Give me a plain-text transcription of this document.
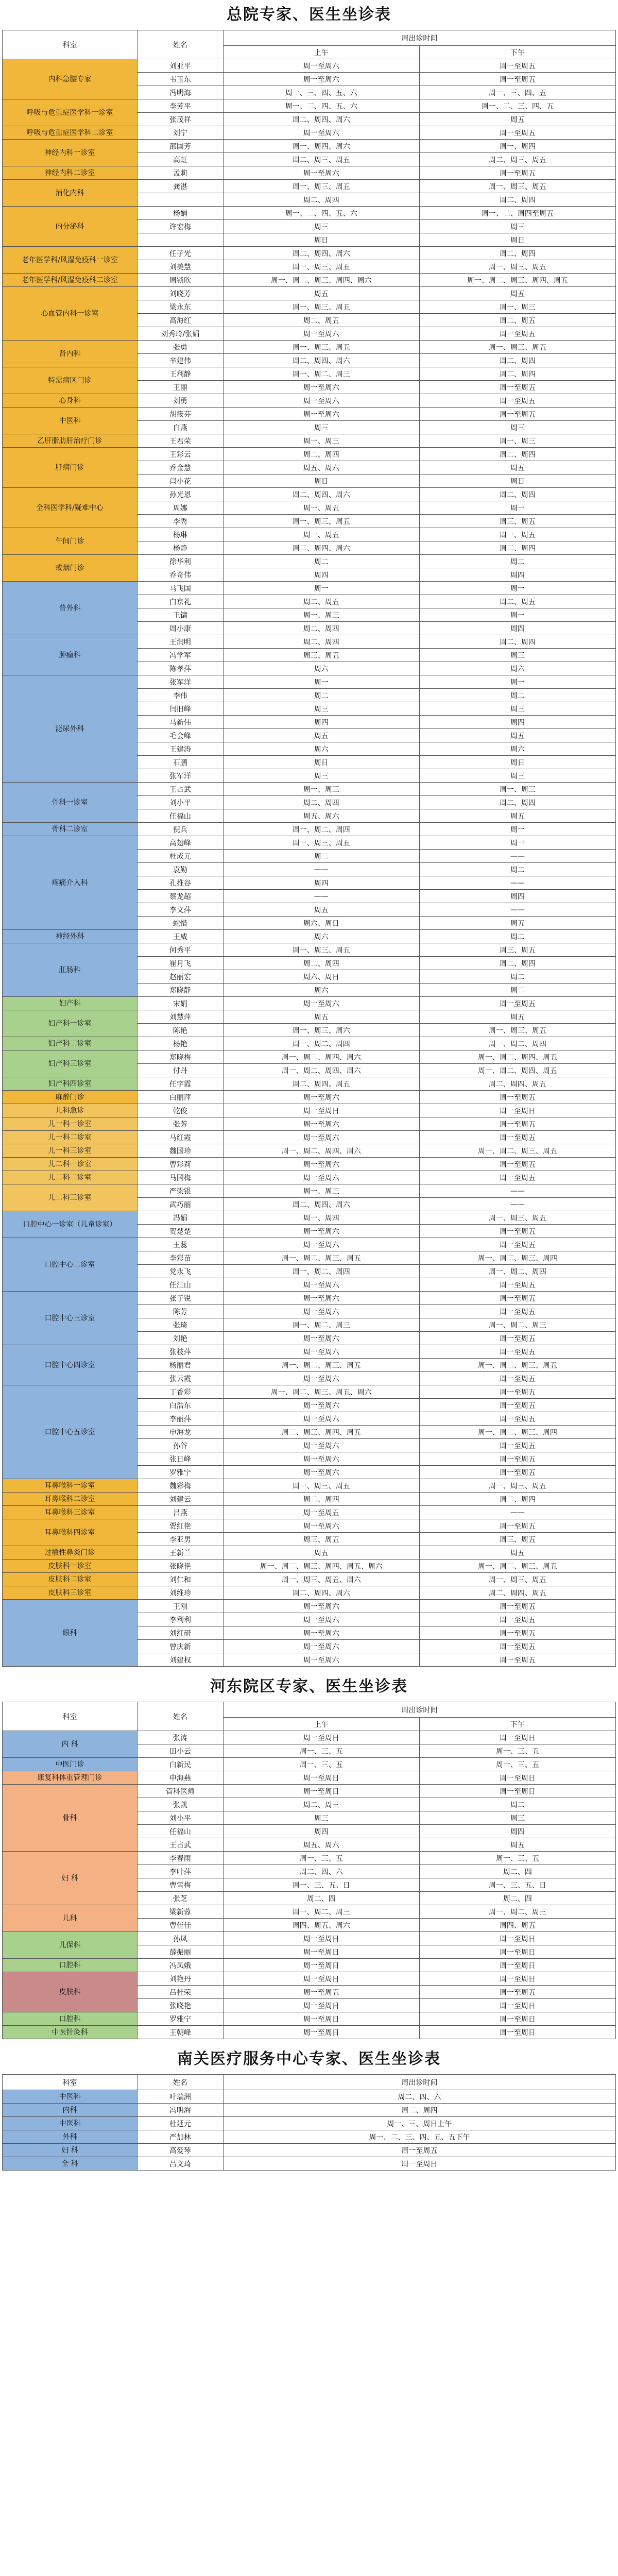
总院专家、医生坐诊表
科室	姓名	周出诊时间	
		上午	下午
内科急腰专家	刘亚平	周一至周六	周一至周五
	韦玉东	周一至周六	周一至周五
	冯明海	周一、三、四、五、六	周一、三、四、五
呼吸与危重症医学科一诊室	李芳平	周一、二、四、五、六	周一、二、三、四、五
	张茂祥	周二、周四、周六	周五
呼吸与危重症医学科二诊室	刘宁	周一至周六	周一至周五
神经内科一诊室	邵国芳	周一、周四、周六	周一、周四
	高虹	周二、周三、周五	周二、周三、周五
神经内科二诊室	孟莉	周一至周六	周一至周五
消化内科	龚湛	周一、周三、周五	周一、周三、周五
		周二、周四	周二、周四
内分泌科	杨娟	周一、二、四、五、六	周一、二、周四至周五
	许宏梅	周三	周三
		周日	周日
老年医学科/风湿免疫科一诊室	任子光	周二、周四、周六	周二、周四
	刘美慧	周一、周三、周五	周一、周三、周五
老年医学科/风湿免疫科二诊室	周锁欣	周一、周二、周三、周四、周六	周一、周二、周三、周四、周五
心血管内科一诊室	刘晓芳	周五	周五
	梁永东	周一、周三、周五	周一、周三
	高海红	周二、周五	周二、周五
	刘秀玲/张娟	周一至周六	周一至周五
肾内科	张勇	周一、周三、周五	周一、周三、周五
	辛建伟	周二、周四、周六	周二、周四
特需病区门诊	王利静	周一、周二、周三	周二、周四
	王丽	周一至周六	周一至周五
心身科	刘勇	周一至周六	周一至周五
中医科	胡筱芬	周一至周六	周一至周五
	白燕	周三	周三
乙肝脂肪肝治疗门诊	王君荣	周一、周三	周一、周三
肝病门诊	王彩云	周二、周四	周二、周四
	乔金慧	周五、周六	周五
	闫小花	周日	周日
全科医学科/疑难中心	孙光恩	周二、周四、周六	周二、周四
	周娜	周一、周五	周一
	李秀	周一、周三、周五	周三、周五
午间门诊	杨琳	周一、周五	周一、周五
	杨静	周二、周四、周六	周二、周四
戒烟门诊	徐华利	周二	周二
	乔奇伟	周四	周四
普外科	马飞国	周一	周一
	白京礼	周二、周五	周二、周五
	王镛	周一、周三	周一
	周小康	周二、周四	周四
肿瘤科	王润明	周二、周四	周二、周四
	冯学军	周三、周五	周三
	陈孝萍	周六	周六
泌尿外科	张军洋	周一	周一
	李伟	周二	周二
	闫旧峰	周三	周三
	马新伟	周四	周四
	毛会峰	周五	周五
	王建涛	周六	周六
	石鹏	周日	周日
	张军洋	周三	周三
骨科一诊室	王占武	周一、周三	周一、周三
	刘小平	周二、周四	周二、周四
	任福山	周五、周六	周五
骨科二诊室	倪兵	周一、周二、周四	周一
疼痛介入科	高翅峰	周一、周三、周五	周一
	杜成元	周二	——
	袁勤	——	周二
	孔推谷	周四	——
	蔡龙超	——	周四
	李文萍	周五	——
	蛇惜	周六、周日	周五
神经外科	王威	周六	周二
肛肠科	何秀平	周一、周三、周五	周三、周五
	崔月飞	周二、周四	周二、周四
	赵丽宏	周六、周日	周二
	郑晓静	周六	周二
妇产科	宋娟	周一至周六	周一至周五
妇产科一诊室	刘慧萍	周五	周五
	陈艳	周一、周三、周六	周一、周三、周五
妇产科二诊室	杨艳	周一、周二、周四	周一、周二、周四
妇产科三诊室	郑晓梅	周一、周二、周四、周六	周一、周二、周四、周五
	付丹	周一、周二、周四、周六	周一、周二、周四、周五
妇产科四诊室	任宇霞	周二、周四、周五	周二、周四、周五
麻醉门诊	白丽萍	周一至周六	周一至周五
儿科急诊	乾俊	周一至周日	周一至周日
儿一科一诊室	张芳	周一至周六	周一至周五
儿一科二诊室	马红霞	周一至周六	周一至周五
儿一科三诊室	魏国珍	周一、周二、周四、周六	周一、周二、周三、周五
儿二科一诊室	曹彩莉	周一至周六	周一至周五
儿二科二诊室	马国梅	周一至周六	周一至周五
儿二科三诊室	严梁银	周一、周三	——
	武巧丽	周二、周四、周六	——
口腔中心一诊室（儿童诊室）	冯娟	周一、周四	周一、周三、周五
	贺楚楚	周一至周六	周一至周五
口腔中心二诊室	王蕊	周一至周六	周一至周五
	李彩苗	周一、周二、周三、周五	周一、周二、周三、周四
	党永飞	周一、周二、周四	周一、周二、周四
	任江山	周一至周六	周一至周五
口腔中心三诊室	张子锐	周一至周六	周一至周五
	陈芳	周一至周六	周一至周五
	张琦	周一、周二、周三	周一、周二、周三
	刘艳	周一至周六	周一至周五
口腔中心四诊室	张枝萍	周一至周六	周一至周五
	杨丽君	周一、周二、周三、周五	周一、周二、周三、周五
	张云霞	周一至周六	周一至周五
口腔中心五诊室	丁香彩	周一、周二、周三、周五、周六	周一至周五
	白浩东	周一至周六	周一至周五
	李丽萍	周一至周六	周一至周五
	申海龙	周二、周三、周四、周五	周一、周二、周三、周四
	孙谷	周一至周六	周一至周五
	张日峰	周一至周六	周一至周五
	罗雅宁	周一至周六	周一至周五
耳鼻喉科一诊室	魏彩梅	周一、周三、周五	周一、周三、周五
耳鼻喉科二诊室	刘建云	周二、周四	周二、周四
耳鼻喉科三诊室	吕燕	周一至周五	——
耳鼻喉科四诊室	贾红艳	周一至周六	周一至周五
	李亚男	周三、周五	周三、周五
过敏性鼻炎门诊	王新兰	周五	周五
皮肤科一诊室	张晓艳	周一、周二、周三、周四、周五、周六	周一、周二、周三、周五
皮肤科二诊室	刘仁和	周一、周三、周五、周六	周一、周三、周五
皮肤科三诊室	刘维珍	周二、周四、周六	周二、周四、周五
眼科	王刚	周一至周六	周一至周五
	李利利	周一至周六	周一至周五
	刘红研	周一至周六	周一至周五
	曾庆新	周一至周六	周一至周五
	刘建权	周一至周六	周一至周五
河东院区专家、医生坐诊表
科室	姓名	周出诊时间	
		上午	下午
内 科	张涛	周一至周日	周一至周日
	田小云	周一、三、五	周一、三、五
中医门诊	白新民	周一、三、五	周一、三、五
康复科体重管理门诊	申海燕	周一至周日	周一至周日
骨科	管科医师	周一至周日	周一至周日
	张凯	周二、周三	周二
	刘小平	周三	周三
	任福山	周四	周四
	王占武	周五、周六	周五
妇 科	李春雨	周一、三、五	周一、三、五
	李叶萍	周二、四、六	周二、四
	曹雪梅	周一、三、五、日	周一、三、五、日
	张芝	周二、四	周二、四
儿科	梁新蓉	周一、周二、周三	周一、周二、周三
	曹佳佳	周四、周五、周六	周四、周五
儿保科	孙凤	周一至周日	周一至周日
	薛振丽	周一至周日	周一至周日
口腔科	冯凤娥	周一至周日	周一至周日
皮肤科	刘艳丹	周一至周日	周一至周日
	吕桂荣	周一至周五	周一至周五
	张晓艳	周一至周日	周一至周日
口腔科	罗雅宁	周一至周日	周一至周日
中医针灸科	王朝峰	周一至周日	周一至周日
南关医疗服务中心专家、医生坐诊表
科室	姓名	周出诊时间
中医科	叶瑞洲	周二、四、六
内科	冯明海	周二、周四
中医科	杜延元	周一、三、周日上午
外科	严加林	周一、二、三、四、五、五下午
妇 科	高爱琴	周一至周五
全 科	吕文琦	周一至周日
